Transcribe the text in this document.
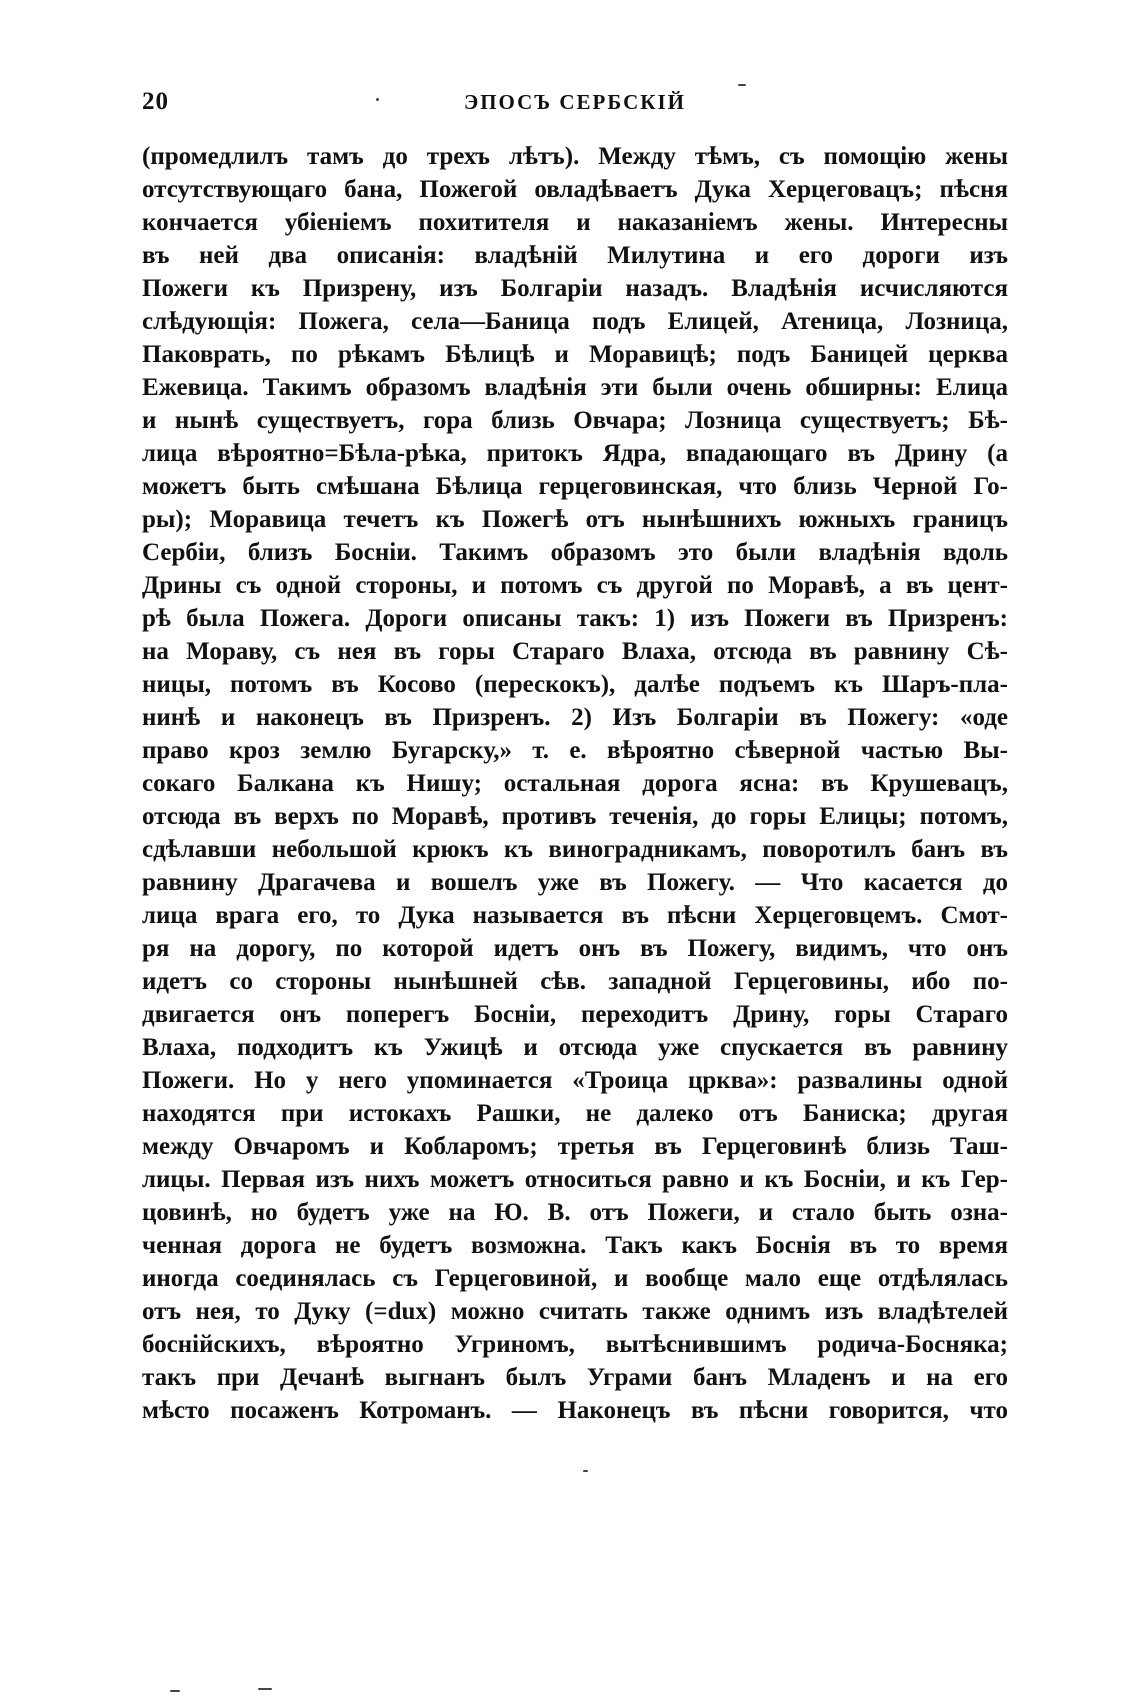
20	ЭПОСЪ СЕРБСКІЙ
(промедлилъ тамъ до трехъ лѣтъ). Между тѣмъ, съ помощію жены
отсутствующаго бана, Пожегой овладѣваетъ Дука Херцеговацъ; пѣсня
кончается убіеніемъ похитителя и наказаніемъ жены. Интересны
въ ней два описанія: владѣній Милутина и его дороги изъ
Пожеги къ Призрену, изъ Болгаріи назадъ. Владѣнія исчисляются
слѣдующія: Пожега, села—Баница подъ Елицей, Атеница, Лозница,
Паковрать, по рѣкамъ Бѣлицѣ и Моравицѣ; подъ Баницей церква
Ежевица. Такимъ образомъ владѣнія эти были очень обширны: Елица
и нынѣ существуетъ, гора близь Овчара; Лозница существуетъ; Бѣ-
лица вѣроятно=Бѣла-рѣка, притокъ Ядра, впадающаго въ Дрину (а
можетъ быть смѣшана Бѣлица герцеговинская, что близь Черной Го-
ры); Моравица течетъ къ Пожегѣ отъ нынѣшнихъ южныхъ границъ
Сербіи, близъ Босніи. Такимъ образомъ это были владѣнія вдоль
Дрины съ одной стороны, и потомъ съ другой по Моравѣ, а въ цент-
рѣ была Пожега. Дороги описаны такъ: 1) изъ Пожеги въ Призренъ:
на Мораву, съ нея въ горы Стараго Влаха, отсюда въ равнину Сѣ-
ницы, потомъ въ Косово (перескокъ), далѣе подъемъ къ Шаръ-пла-
нинѣ и наконецъ въ Призренъ. 2) Изъ Болгаріи въ Пожегу: «оде
право кроз землю Бугарску,» т. е. вѣроятно сѣверной частью Вы-
сокаго Балкана къ Нишу; остальная дорога ясна: въ Крушевацъ,
отсюда въ верхъ по Моравѣ, противъ теченія, до горы Елицы; потомъ,
сдѣлавши небольшой крюкъ къ виноградникамъ, поворотилъ банъ въ
равнину Драгачева и вошелъ уже въ Пожегу. — Что касается до
лица врага его, то Дука называется въ пѣсни Херцеговцемъ. Смот-
ря на дорогу, по которой идетъ онъ въ Пожегу, видимъ, что онъ
идетъ со стороны нынѣшней сѣв. западной Герцеговины, ибо по-
двигается онъ поперегъ Босніи, переходитъ Дрину, горы Стараго
Влаха, подходитъ къ Ужицѣ и отсюда уже спускается въ равнину
Пожеги. Но у него упоминается «Троица црква»: развалины одной
находятся при истокахъ Рашки, не далеко отъ Баниска; другая
между Овчаромъ и Кобларомъ; третья въ Герцеговинѣ близь Таш-
лицы. Первая изъ нихъ можетъ относиться равно и къ Босніи, и къ Гер-
цовинѣ, но будетъ уже на Ю. В. отъ Пожеги, и стало быть озна-
ченная дорога не будетъ возможна. Такъ какъ Боснія въ то время
иногда соединялась съ Герцеговиной, и вообще мало еще отдѣлялась
отъ нея, то Дуку (=dux) можно считать также однимъ изъ владѣтелей
боснійскихъ, вѣроятно Угриномъ, вытѣснившимъ родича-Босняка;
такъ при Дечанѣ выгнанъ былъ Уграми банъ Младенъ и на его
мѣсто посаженъ Котроманъ. — Наконецъ въ пѣсни говорится, что
